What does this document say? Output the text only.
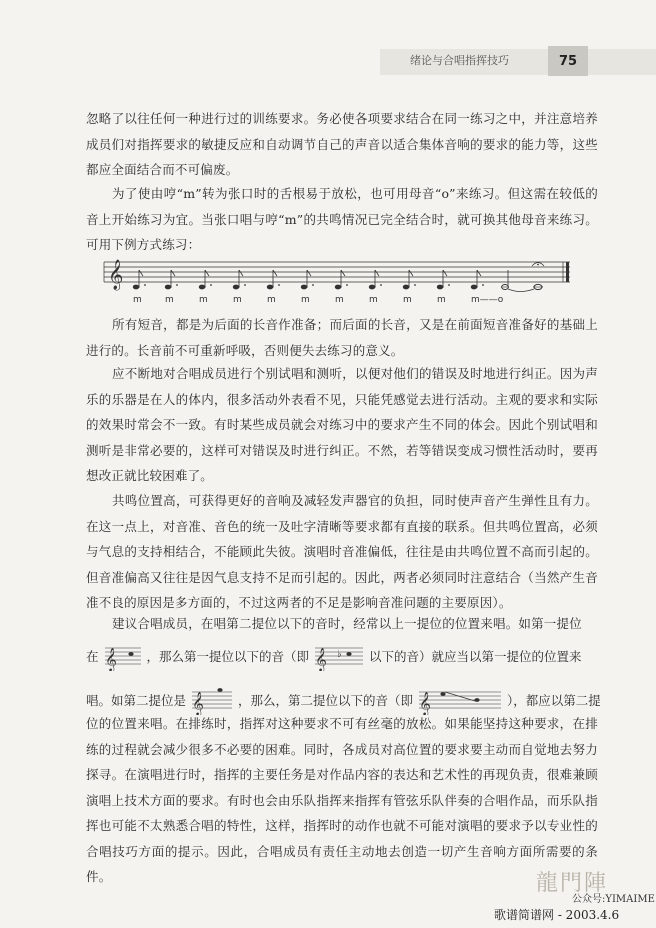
绪论与合唱指挥技巧	75

忽略了以往任何一种进行过的训练要求。务必使各项要求结合在同一练习之中，并注意培养成员们对指挥要求的敏捷反应和自动调节自己的声音以适合集体音响的要求的能力等，这些都应全面结合而不可偏废。

为了使由哼“m”转为张口时的舌根易于放松，也可用母音“o”来练习。但这需在较低的音上开始练习为宜。当张口唱与哼“m”的共鸣情况已完全结合时，就可换其他母音来练习。可用下例方式练习：

𝄞
m	m	m	m	m	m	m	m	m	m	m——o

所有短音，都是为后面的长音作准备；而后面的长音，又是在前面短音准备好的基础上进行的。长音前不可重新呼吸，否则便失去练习的意义。

应不断地对合唱成员进行个别试唱和测听，以便对他们的错误及时地进行纠正。因为声乐的乐器是在人的体内，很多活动外表看不见，只能凭感觉去进行活动。主观的要求和实际的效果时常会不一致。有时某些成员就会对练习中的要求产生不同的体会。因此个别试唱和测听是非常必要的，这样可对错误及时进行纠正。不然，若等错误变成习惯性活动时，要再想改正就比较困难了。

共鸣位置高，可获得更好的音响及减轻发声器官的负担，同时使声音产生弹性且有力。在这一点上，对音准、音色的统一及吐字清晰等要求都有直接的联系。但共鸣位置高，必须与气息的支持相结合，不能顾此失彼。演唱时音准偏低，往往是由共鸣位置不高而引起的。但音准偏高又往往是因气息支持不足而引起的。因此，两者必须同时注意结合（当然产生音准不良的原因是多方面的，不过这两者的不足是影响音准问题的主要原因）。

建议合唱成员，在唱第二提位以下的音时，经常以上一提位的位置来唱。如第一提位

在 𝄞 ，那么第一提位以下的音（即 𝄞 ♭ 以下的音）就应当以第一提位的位置来
唱。如第二提位是 𝄞	，那么，第二提位以下的音（即 𝄞	），都应以第二提

位的位置来唱。在排练时，指挥对这种要求不可有丝毫的放松。如果能坚持这种要求，在排练的过程就会减少很多不必要的困难。同时，各成员对高位置的要求要主动而自觉地去努力探寻。在演唱进行时，指挥的主要任务是对作品内容的表达和艺术性的再现负责，很难兼顾演唱上技术方面的要求。有时也会由乐队指挥来指挥有管弦乐队伴奏的合唱作品，而乐队指挥也可能不太熟悉合唱的特性，这样，指挥时的动作也就不可能对演唱的要求予以专业性的合唱技巧方面的提示。因此，合唱成员有责任主动地去创造一切产生音响方面所需要的条件。	龍門陣
公众号:YIMAIME
歌谱简谱网 - 2003.4.6
